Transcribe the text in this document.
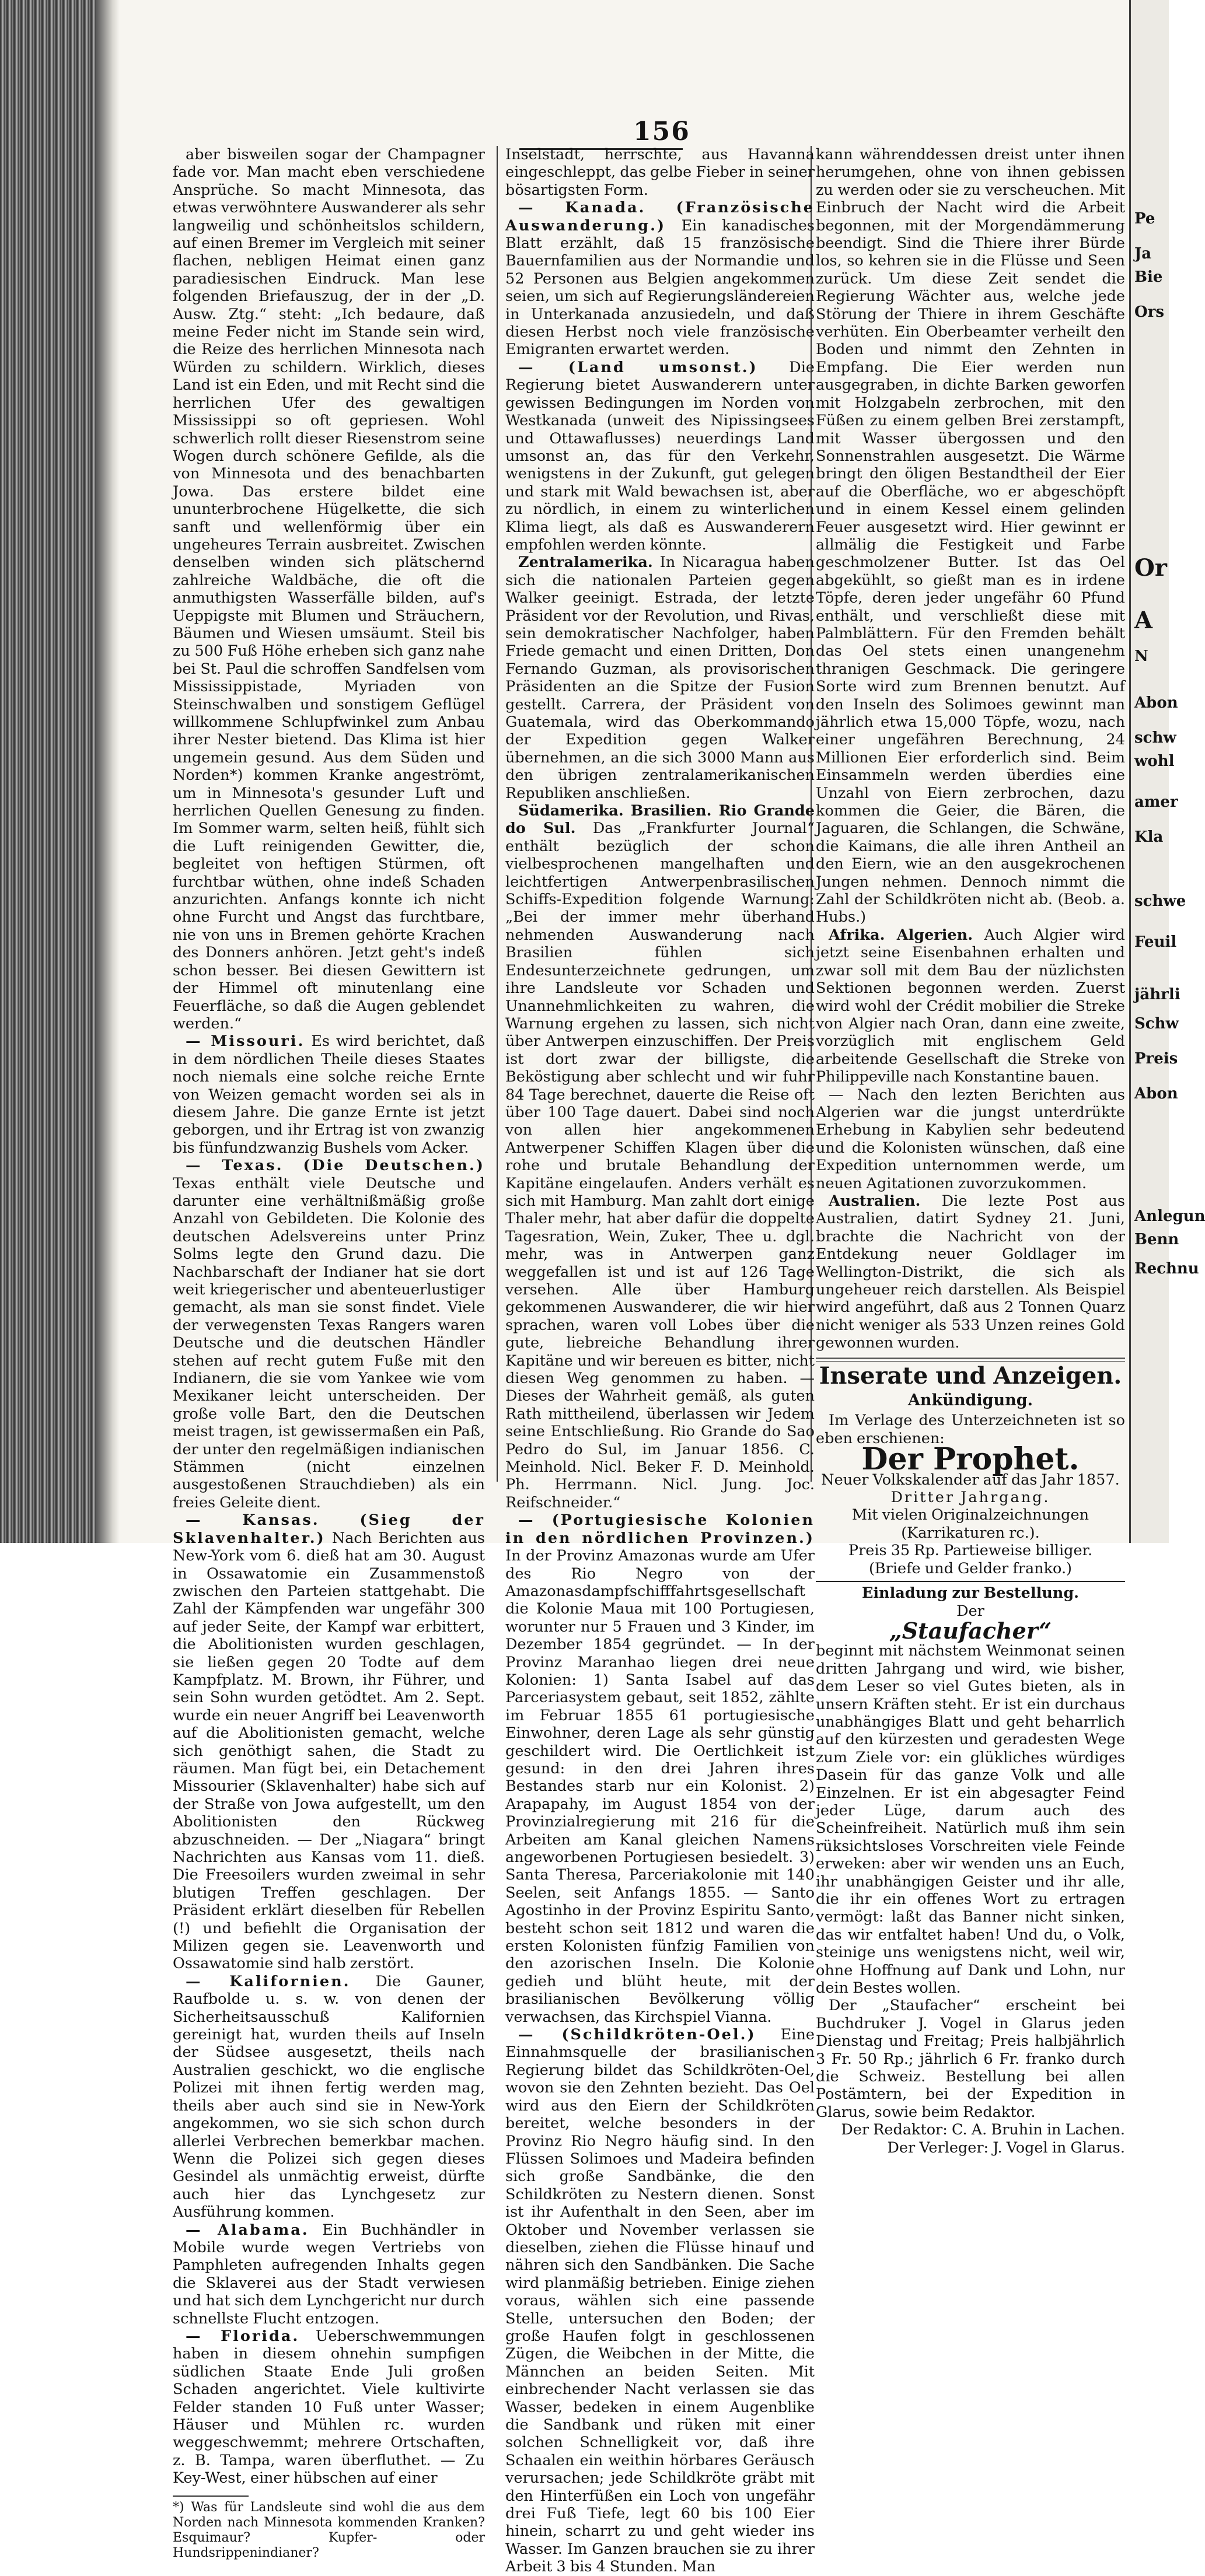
156

aber bisweilen sogar der Champagner fade vor. Man macht eben verschiedene Ansprüche. So macht Minnesota, das etwas verwöhntere Auswanderer als sehr langweilig und schönheitslos schildern, auf einen Bremer im Vergleich mit seiner flachen, nebligen Heimat einen ganz paradiesischen Eindruck. Man lese folgenden Briefauszug, der in der „D. Ausw. Ztg.“ steht: „Ich bedaure, daß meine Feder nicht im Stande sein wird, die Reize des herrlichen Minnesota nach Würden zu schildern. Wirklich, dieses Land ist ein Eden, und mit Recht sind die herrlichen Ufer des gewaltigen Mississippi so oft gepriesen. Wohl schwerlich rollt dieser Riesenstrom seine Wogen durch schönere Gefilde, als die von Minnesota und des benachbarten Jowa. Das erstere bildet eine ununterbrochene Hügelkette, die sich sanft und wellenförmig über ein ungeheures Terrain ausbreitet. Zwischen denselben winden sich plätschernd zahlreiche Waldbäche, die oft die anmuthigsten Wasserfälle bilden, auf's Ueppigste mit Blumen und Sträuchern, Bäumen und Wiesen umsäumt. Steil bis zu 500 Fuß Höhe erheben sich ganz nahe bei St. Paul die schroffen Sandfelsen vom Mississippistade, Myriaden von Steinschwalben und sonstigem Geflügel willkommene Schlupfwinkel zum Anbau ihrer Nester bietend. Das Klima ist hier ungemein gesund. Aus dem Süden und Norden*) kommen Kranke angeströmt, um in Minnesota's gesunder Luft und herrlichen Quellen Genesung zu finden. Im Sommer warm, selten heiß, fühlt sich die Luft reinigenden Gewitter, die, begleitet von heftigen Stürmen, oft furchtbar wüthen, ohne indeß Schaden anzurichten. Anfangs konnte ich nicht ohne Furcht und Angst das furchtbare, nie von uns in Bremen gehörte Krachen des Donners anhören. Jetzt geht's indeß schon besser. Bei diesen Gewittern ist der Himmel oft minutenlang eine Feuerfläche, so daß die Augen geblendet werden.“

— Missouri. Es wird berichtet, daß in dem nördlichen Theile dieses Staates noch niemals eine solche reiche Ernte von Weizen gemacht worden sei als in diesem Jahre. Die ganze Ernte ist jetzt geborgen, und ihr Ertrag ist von zwanzig bis fünfundzwanzig Bushels vom Acker.

— Texas. (Die Deutschen.) Texas enthält viele Deutsche und darunter eine verhältnißmäßig große Anzahl von Gebildeten. Die Kolonie des deutschen Adelsvereins unter Prinz Solms legte den Grund dazu. Die Nachbarschaft der Indianer hat sie dort weit kriegerischer und abenteuerlustiger gemacht, als man sie sonst findet. Viele der verwegensten Texas Rangers waren Deutsche und die deutschen Händler stehen auf recht gutem Fuße mit den Indianern, die sie vom Yankee wie vom Mexikaner leicht unterscheiden. Der große volle Bart, den die Deutschen meist tragen, ist gewissermaßen ein Paß, der unter den regelmäßigen indianischen Stämmen (nicht einzelnen ausgestoßenen Strauchdieben) als ein freies Geleite dient.

— Kansas. (Sieg der Sklavenhalter.) Nach Berichten aus New-York vom 6. dieß hat am 30. August in Ossawatomie ein Zusammenstoß zwischen den Parteien stattgehabt. Die Zahl der Kämpfenden war ungefähr 300 auf jeder Seite, der Kampf war erbittert, die Abolitionisten wurden geschlagen, sie ließen gegen 20 Todte auf dem Kampfplatz. M. Brown, ihr Führer, und sein Sohn wurden getödtet. Am 2. Sept. wurde ein neuer Angriff bei Leavenworth auf die Abolitionisten gemacht, welche sich genöthigt sahen, die Stadt zu räumen. Man fügt bei, ein Detachement Missourier (Sklavenhalter) habe sich auf der Straße von Jowa aufgestellt, um den Abolitionisten den Rückweg abzuschneiden. — Der „Niagara“ bringt Nachrichten aus Kansas vom 11. dieß. Die Freesoilers wurden zweimal in sehr blutigen Treffen geschlagen. Der Präsident erklärt dieselben für Rebellen (!) und befiehlt die Organisation der Milizen gegen sie. Leavenworth und Ossawatomie sind halb zerstört.

— Kalifornien. Die Gauner, Raufbolde u. s. w. von denen der Sicherheitsausschuß Kalifornien gereinigt hat, wurden theils auf Inseln der Südsee ausgesetzt, theils nach Australien geschickt, wo die englische Polizei mit ihnen fertig werden mag, theils aber auch sind sie in New-York angekommen, wo sie sich schon durch allerlei Verbrechen bemerkbar machen. Wenn die Polizei sich gegen dieses Gesindel als unmächtig erweist, dürfte auch hier das Lynchgesetz zur Ausführung kommen.

— Alabama. Ein Buchhändler in Mobile wurde wegen Vertriebs von Pamphleten aufregenden Inhalts gegen die Sklaverei aus der Stadt verwiesen und hat sich dem Lynchgericht nur durch schnellste Flucht entzogen.

— Florida. Ueberschwemmungen haben in diesem ohnehin sumpfigen südlichen Staate Ende Juli großen Schaden angerichtet. Viele kultivirte Felder standen 10 Fuß unter Wasser; Häuser und Mühlen rc. wurden weggeschwemmt; mehrere Ortschaften, z. B. Tampa, waren überfluthet. — Zu Key-West, einer hübschen auf einer

*) Was für Landsleute sind wohl die aus dem Norden nach Minnesota kommenden Kranken? Esquimaur? Kupfer- oder Hundsrippenindianer?

Inselstadt, herrschte, aus Havanna eingeschleppt, das gelbe Fieber in seiner bösartigsten Form.

— Kanada. (Französische Auswanderung.) Ein kanadisches Blatt erzählt, daß 15 französische Bauernfamilien aus der Normandie und 52 Personen aus Belgien angekommen seien, um sich auf Regierungsländereien in Unterkanada anzusiedeln, und daß diesen Herbst noch viele französische Emigranten erwartet werden.

— (Land umsonst.) Die Regierung bietet Auswanderern unter gewissen Bedingungen im Norden von Westkanada (unweit des Nipissingsees und Ottawaflusses) neuerdings Land umsonst an, das für den Verkehr, wenigstens in der Zukunft, gut gelegen und stark mit Wald bewachsen ist, aber zu nördlich, in einem zu winterlichen Klima liegt, als daß es Auswanderern empfohlen werden könnte.

Zentralamerika. In Nicaragua haben sich die nationalen Parteien gegen Walker geeinigt. Estrada, der letzte Präsident vor der Revolution, und Rivas, sein demokratischer Nachfolger, haben Friede gemacht und einen Dritten, Don Fernando Guzman, als provisorischen Präsidenten an die Spitze der Fusion gestellt. Carrera, der Präsident von Guatemala, wird das Oberkommando der Expedition gegen Walker übernehmen, an die sich 3000 Mann aus den übrigen zentralamerikanischen Republiken anschließen.

Südamerika. Brasilien. Rio Grande do Sul. Das „Frankfurter Journal“ enthält bezüglich der schon vielbesprochenen mangelhaften und leichtfertigen Antwerpenbrasilischen Schiffs-Expedition folgende Warnung: „Bei der immer mehr überhand nehmenden Auswanderung nach Brasilien fühlen sich Endesunterzeichnete gedrungen, um ihre Landsleute vor Schaden und Unannehmlichkeiten zu wahren, die Warnung ergehen zu lassen, sich nicht über Antwerpen einzuschiffen. Der Preis ist dort zwar der billigste, die Beköstigung aber schlecht und wir fuhr 84 Tage berechnet, dauerte die Reise oft über 100 Tage dauert. Dabei sind noch von allen hier angekommenen Antwerpener Schiffen Klagen über die rohe und brutale Behandlung der Kapitäne eingelaufen. Anders verhält es sich mit Hamburg. Man zahlt dort einige Thaler mehr, hat aber dafür die doppelte Tagesration, Wein, Zuker, Thee u. dgl. mehr, was in Antwerpen ganz weggefallen ist und ist auf 126 Tage versehen. Alle über Hamburg gekommenen Auswanderer, die wir hier sprachen, waren voll Lobes über die gute, liebreiche Behandlung ihrer Kapitäne und wir bereuen es bitter, nicht diesen Weg genommen zu haben. — Dieses der Wahrheit gemäß, als guten Rath mittheilend, überlassen wir Jedem seine Entschließung. Rio Grande do Sao Pedro do Sul, im Januar 1856. C. Meinhold. Nicl. Beker F. D. Meinhold. Ph. Herrmann. Nicl. Jung. Joc. Reifschneider.“

— (Portugiesische Kolonien in den nördlichen Provinzen.) In der Provinz Amazonas wurde am Ufer des Rio Negro von der Amazonasdampfschifffahrtsgesellschaft die Kolonie Maua mit 100 Portugiesen, worunter nur 5 Frauen und 3 Kinder, im Dezember 1854 gegründet. — In der Provinz Maranhao liegen drei neue Kolonien: 1) Santa Isabel auf das Parceriasystem gebaut, seit 1852, zählte im Februar 1855 61 portugiesische Einwohner, deren Lage als sehr günstig geschildert wird. Die Oertlichkeit ist gesund: in den drei Jahren ihres Bestandes starb nur ein Kolonist. 2) Arapapahy, im August 1854 von der Provinzialregierung mit 216 für die Arbeiten am Kanal gleichen Namens angeworbenen Portugiesen besiedelt. 3) Santa Theresa, Parceriakolonie mit 140 Seelen, seit Anfangs 1855. — Santo Agostinho in der Provinz Espiritu Santo, besteht schon seit 1812 und waren die ersten Kolonisten fünfzig Familien von den azorischen Inseln. Die Kolonie gedieh und blüht heute, mit der brasilianischen Bevölkerung völlig verwachsen, das Kirchspiel Vianna.

— (Schildkröten-Oel.) Eine Einnahmsquelle der brasilianischen Regierung bildet das Schildkröten-Oel, wovon sie den Zehnten bezieht. Das Oel wird aus den Eiern der Schildkröten bereitet, welche besonders in der Provinz Rio Negro häufig sind. In den Flüssen Solimoes und Madeira befinden sich große Sandbänke, die den Schildkröten zu Nestern dienen. Sonst ist ihr Aufenthalt in den Seen, aber im Oktober und November verlassen sie dieselben, ziehen die Flüsse hinauf und nähren sich den Sandbänken. Die Sache wird planmäßig betrieben. Einige ziehen voraus, wählen sich eine passende Stelle, untersuchen den Boden; der große Haufen folgt in geschlossenen Zügen, die Weibchen in der Mitte, die Männchen an beiden Seiten. Mit einbrechender Nacht verlassen sie das Wasser, bedeken in einem Augenblike die Sandbank und rüken mit einer solchen Schnelligkeit vor, daß ihre Schaalen ein weithin hörbares Geräusch verursachen; jede Schildkröte gräbt mit den Hinterfüßen ein Loch von ungefähr drei Fuß Tiefe, legt 60 bis 100 Eier hinein, scharrt zu und geht wieder ins Wasser. Im Ganzen brauchen sie zu ihrer Arbeit 3 bis 4 Stunden. Man

kann währenddessen dreist unter ihnen herumgehen, ohne von ihnen gebissen zu werden oder sie zu verscheuchen. Mit Einbruch der Nacht wird die Arbeit begonnen, mit der Morgendämmerung beendigt. Sind die Thiere ihrer Bürde los, so kehren sie in die Flüsse und Seen zurück. Um diese Zeit sendet die Regierung Wächter aus, welche jede Störung der Thiere in ihrem Geschäfte verhüten. Ein Oberbeamter verheilt den Boden und nimmt den Zehnten in Empfang. Die Eier werden nun ausgegraben, in dichte Barken geworfen mit Holzgabeln zerbrochen, mit den Füßen zu einem gelben Brei zerstampft, mit Wasser übergossen und den Sonnenstrahlen ausgesetzt. Die Wärme bringt den öligen Bestandtheil der Eier auf die Oberfläche, wo er abgeschöpft und in einem Kessel einem gelinden Feuer ausgesetzt wird. Hier gewinnt er allmälig die Festigkeit und Farbe geschmolzener Butter. Ist das Oel abgekühlt, so gießt man es in irdene Töpfe, deren jeder ungefähr 60 Pfund enthält, und verschließt diese mit Palmblättern. Für den Fremden behält das Oel stets einen unangenehm thranigen Geschmack. Die geringere Sorte wird zum Brennen benutzt. Auf den Inseln des Solimoes gewinnt man jährlich etwa 15,000 Töpfe, wozu, nach einer ungefähren Berechnung, 24 Millionen Eier erforderlich sind. Beim Einsammeln werden überdies eine Unzahl von Eiern zerbrochen, dazu kommen die Geier, die Bären, die Jaguaren, die Schlangen, die Schwäne, die Kaimans, die alle ihren Antheil an den Eiern, wie an den ausgekrochenen Jungen nehmen. Dennoch nimmt die Zahl der Schildkröten nicht ab. (Beob. a. Hubs.)

Afrika. Algerien. Auch Algier wird jetzt seine Eisenbahnen erhalten und zwar soll mit dem Bau der nüzlichsten Sektionen begonnen werden. Zuerst wird wohl der Crédit mobilier die Streke von Algier nach Oran, dann eine zweite, vorzüglich mit englischem Geld arbeitende Gesellschaft die Streke von Philippeville nach Konstantine bauen.

— Nach den lezten Berichten aus Algerien war die jungst unterdrükte Erhebung in Kabylien sehr bedeutend und die Kolonisten wünschen, daß eine Expedition unternommen werde, um neuen Agitationen zuvorzukommen.

Australien. Die lezte Post aus Australien, datirt Sydney 21. Juni, brachte die Nachricht von der Entdekung neuer Goldlager im Wellington-Distrikt, die sich als ungeheuer reich darstellen. Als Beispiel wird angeführt, daß aus 2 Tonnen Quarz nicht weniger als 533 Unzen reines Gold gewonnen wurden.

Inserate und Anzeigen.
Ankündigung.

Im Verlage des Unterzeichneten ist so eben erschienen:

Der Prophet.
Neuer Volkskalender auf das Jahr 1857.
Dritter Jahrgang.
Mit vielen Originalzeichnungen (Karrikaturen rc.).
Preis 35 Rp. Partieweise billiger.
(Briefe und Gelder franko.)
Einladung zur Bestellung.
Der
„Staufacher“

beginnt mit nächstem Weinmonat seinen dritten Jahrgang und wird, wie bisher, dem Leser so viel Gutes bieten, als in unsern Kräften steht. Er ist ein durchaus unabhängiges Blatt und geht beharrlich auf den kürzesten und geradesten Wege zum Ziele vor: ein glükliches würdiges Dasein für das ganze Volk und alle Einzelnen. Er ist ein abgesagter Feind jeder Lüge, darum auch des Scheinfreiheit. Natürlich muß ihm sein rüksichtsloses Vorschreiten viele Feinde erweken: aber wir wenden uns an Euch, ihr unabhängigen Geister und ihr alle, die ihr ein offenes Wort zu ertragen vermögt: laßt das Banner nicht sinken, das wir entfaltet haben! Und du, o Volk, steinige uns wenigstens nicht, weil wir, ohne Hoffnung auf Dank und Lohn, nur dein Bestes wollen.

Der „Staufacher“ erscheint bei Buchdruker J. Vogel in Glarus jeden Dienstag und Freitag; Preis halbjährlich 3 Fr. 50 Rp.; jährlich 6 Fr. franko durch die Schweiz. Bestellung bei allen Postämtern, bei der Expedition in Glarus, sowie beim Redaktor.

Der Redaktor: C. A. Bruhin in Lachen.
Der Verleger: J. Vogel in Glarus.
Pe
Ja
Bie
Ors
Or
A
N
Abon
schw
wohl
amer
Kla
schwe
Feuil
jährli
Schw
Preis
Abon
Anlegun
Benn
Rechnu
